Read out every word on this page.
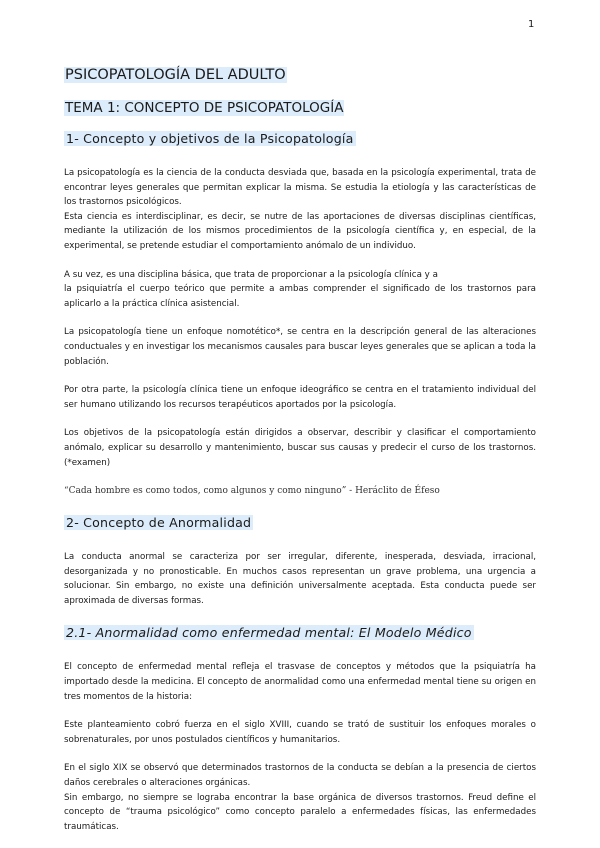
1
PSICOPATOLOGÍA DEL ADULTO
TEMA 1: CONCEPTO DE PSICOPATOLOGÍA
1- Concepto y objetivos de la Psicopatología

La psicopatología es la ciencia de la conducta desviada que, basada en la psicología experimental, trata de encontrar leyes generales que permitan explicar la misma. Se estudia la etiología y las características de los trastornos psicológicos.

Esta ciencia es interdisciplinar, es decir, se nutre de las aportaciones de diversas disciplinas científicas, mediante la utilización de los mismos procedimientos de la psicología científica y, en especial, de la experimental, se pretende estudiar el comportamiento anómalo de un individuo.

A su vez, es una disciplina básica, que trata de proporcionar a la psicología clínica y a

la psiquiatría el cuerpo teórico que permite a ambas comprender el significado de los trastornos para aplicarlo a la práctica clínica asistencial.

La psicopatología tiene un enfoque nomotético*, se centra en la descripción general de las alteraciones conductuales y en investigar los mecanismos causales para buscar leyes generales que se aplican a toda la población.

Por otra parte, la psicología clínica tiene un enfoque ideográfico se centra en el tratamiento individual del ser humano utilizando los recursos terapéuticos aportados por la psicología.

Los objetivos de la psicopatología están dirigidos a observar, describir y clasificar el comportamiento anómalo, explicar su desarrollo y mantenimiento, buscar sus causas y predecir el curso de los trastornos. (*examen)

“Cada hombre es como todos, como algunos y como ninguno” - Heráclito de Éfeso

2- Concepto de Anormalidad

La conducta anormal se caracteriza por ser irregular, diferente, inesperada, desviada, irracional, desorganizada y no pronosticable. En muchos casos representan un grave problema, una urgencia a solucionar. Sin embargo, no existe una definición universalmente aceptada. Esta conducta puede ser aproximada de diversas formas.

2.1- Anormalidad como enfermedad mental: El Modelo Médico

El concepto de enfermedad mental refleja el trasvase de conceptos y métodos que la psiquiatría ha importado desde la medicina. El concepto de anormalidad como una enfermedad mental tiene su origen en tres momentos de la historia:

Este planteamiento cobró fuerza en el siglo XVIII, cuando se trató de sustituir los enfoques morales o sobrenaturales, por unos postulados científicos y humanitarios.

En el siglo XIX se observó que determinados trastornos de la conducta se debían a la presencia de ciertos daños cerebrales o alteraciones orgánicas.

Sin embargo, no siempre se lograba encontrar la base orgánica de diversos trastornos. Freud define el concepto de “trauma psicológico” como concepto paralelo a enfermedades físicas, las enfermedades traumáticas.
